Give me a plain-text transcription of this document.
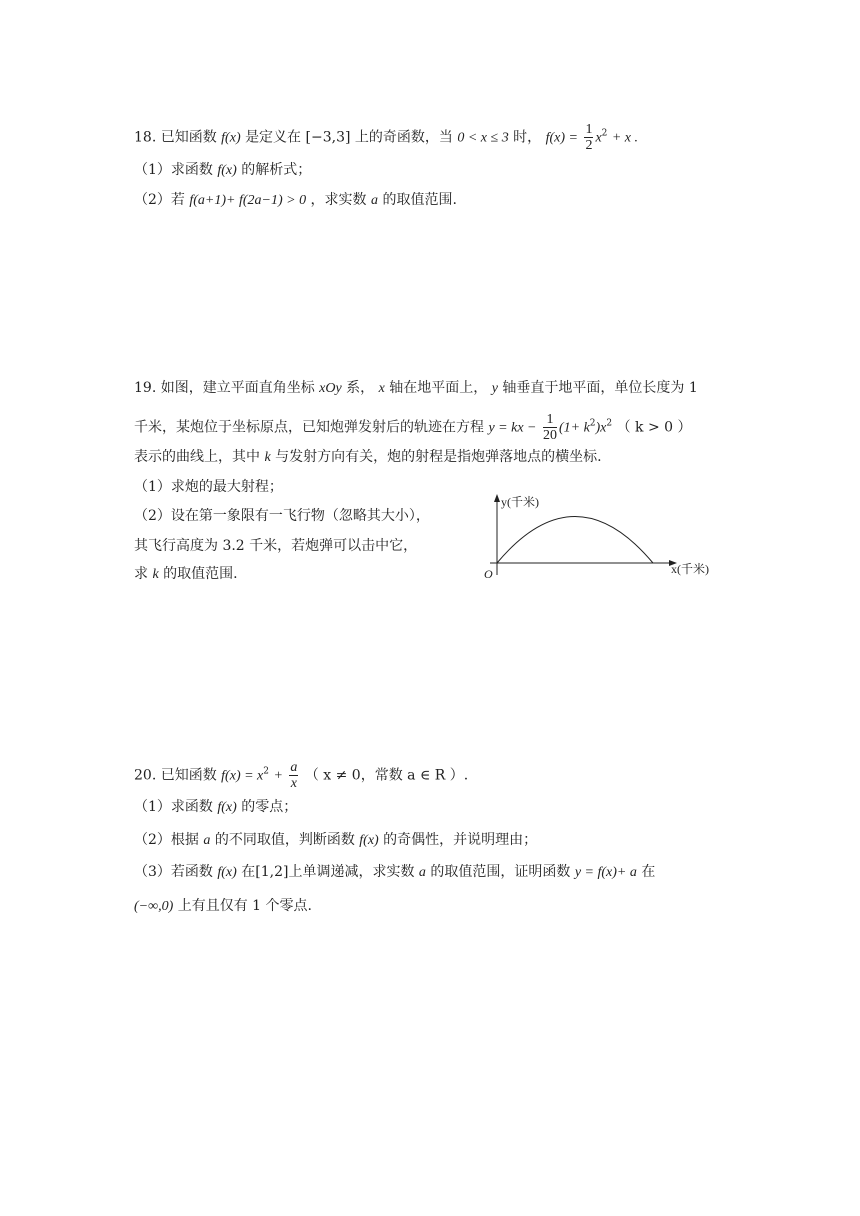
18. 已知函数 f(x) 是定义在 [−3,3] 上的奇函数，当 0 < x ≤ 3 时， $f(x) = \frac{1}{2} x^2 + x$ .
（1）求函数 f(x) 的解析式；
（2）若 f(a+1)+ f(2a−1) > 0 ，求实数 a 的取值范围.
19. 如图，建立平面直角坐标 xOy 系， x 轴在地平面上， y 轴垂直于地平面，单位长度为 1
千米，某炮位于坐标原点，已知炮弹发射后的轨迹在方程 y = kx − $\frac{1}{20} (1+ k^2)x^2$ （ k > 0 ）
表示的曲线上，其中 k 与发射方向有关，炮的射程是指炮弹落地点的横坐标.
（1）求炮的最大射程；
（2）设在第一象限有一飞行物（忽略其大小），
其飞行高度为 3.2 千米，若炮弹可以击中它，
求 k 的取值范围.
y(千米)
x(千米)
O
20. 已知函数 $f(x) = x^2 + \frac{a}{x}$ （ x ≠ 0，常数 a ∈ R ）.
（1）求函数 f(x) 的零点；
（2）根据 a 的不同取值，判断函数 f(x) 的奇偶性，并说明理由；
（3）若函数 f(x) 在[1,2]上单调递减，求实数 a 的取值范围，证明函数 y = f(x)+ a 在
(−∞,0) 上有且仅有 1 个零点.
